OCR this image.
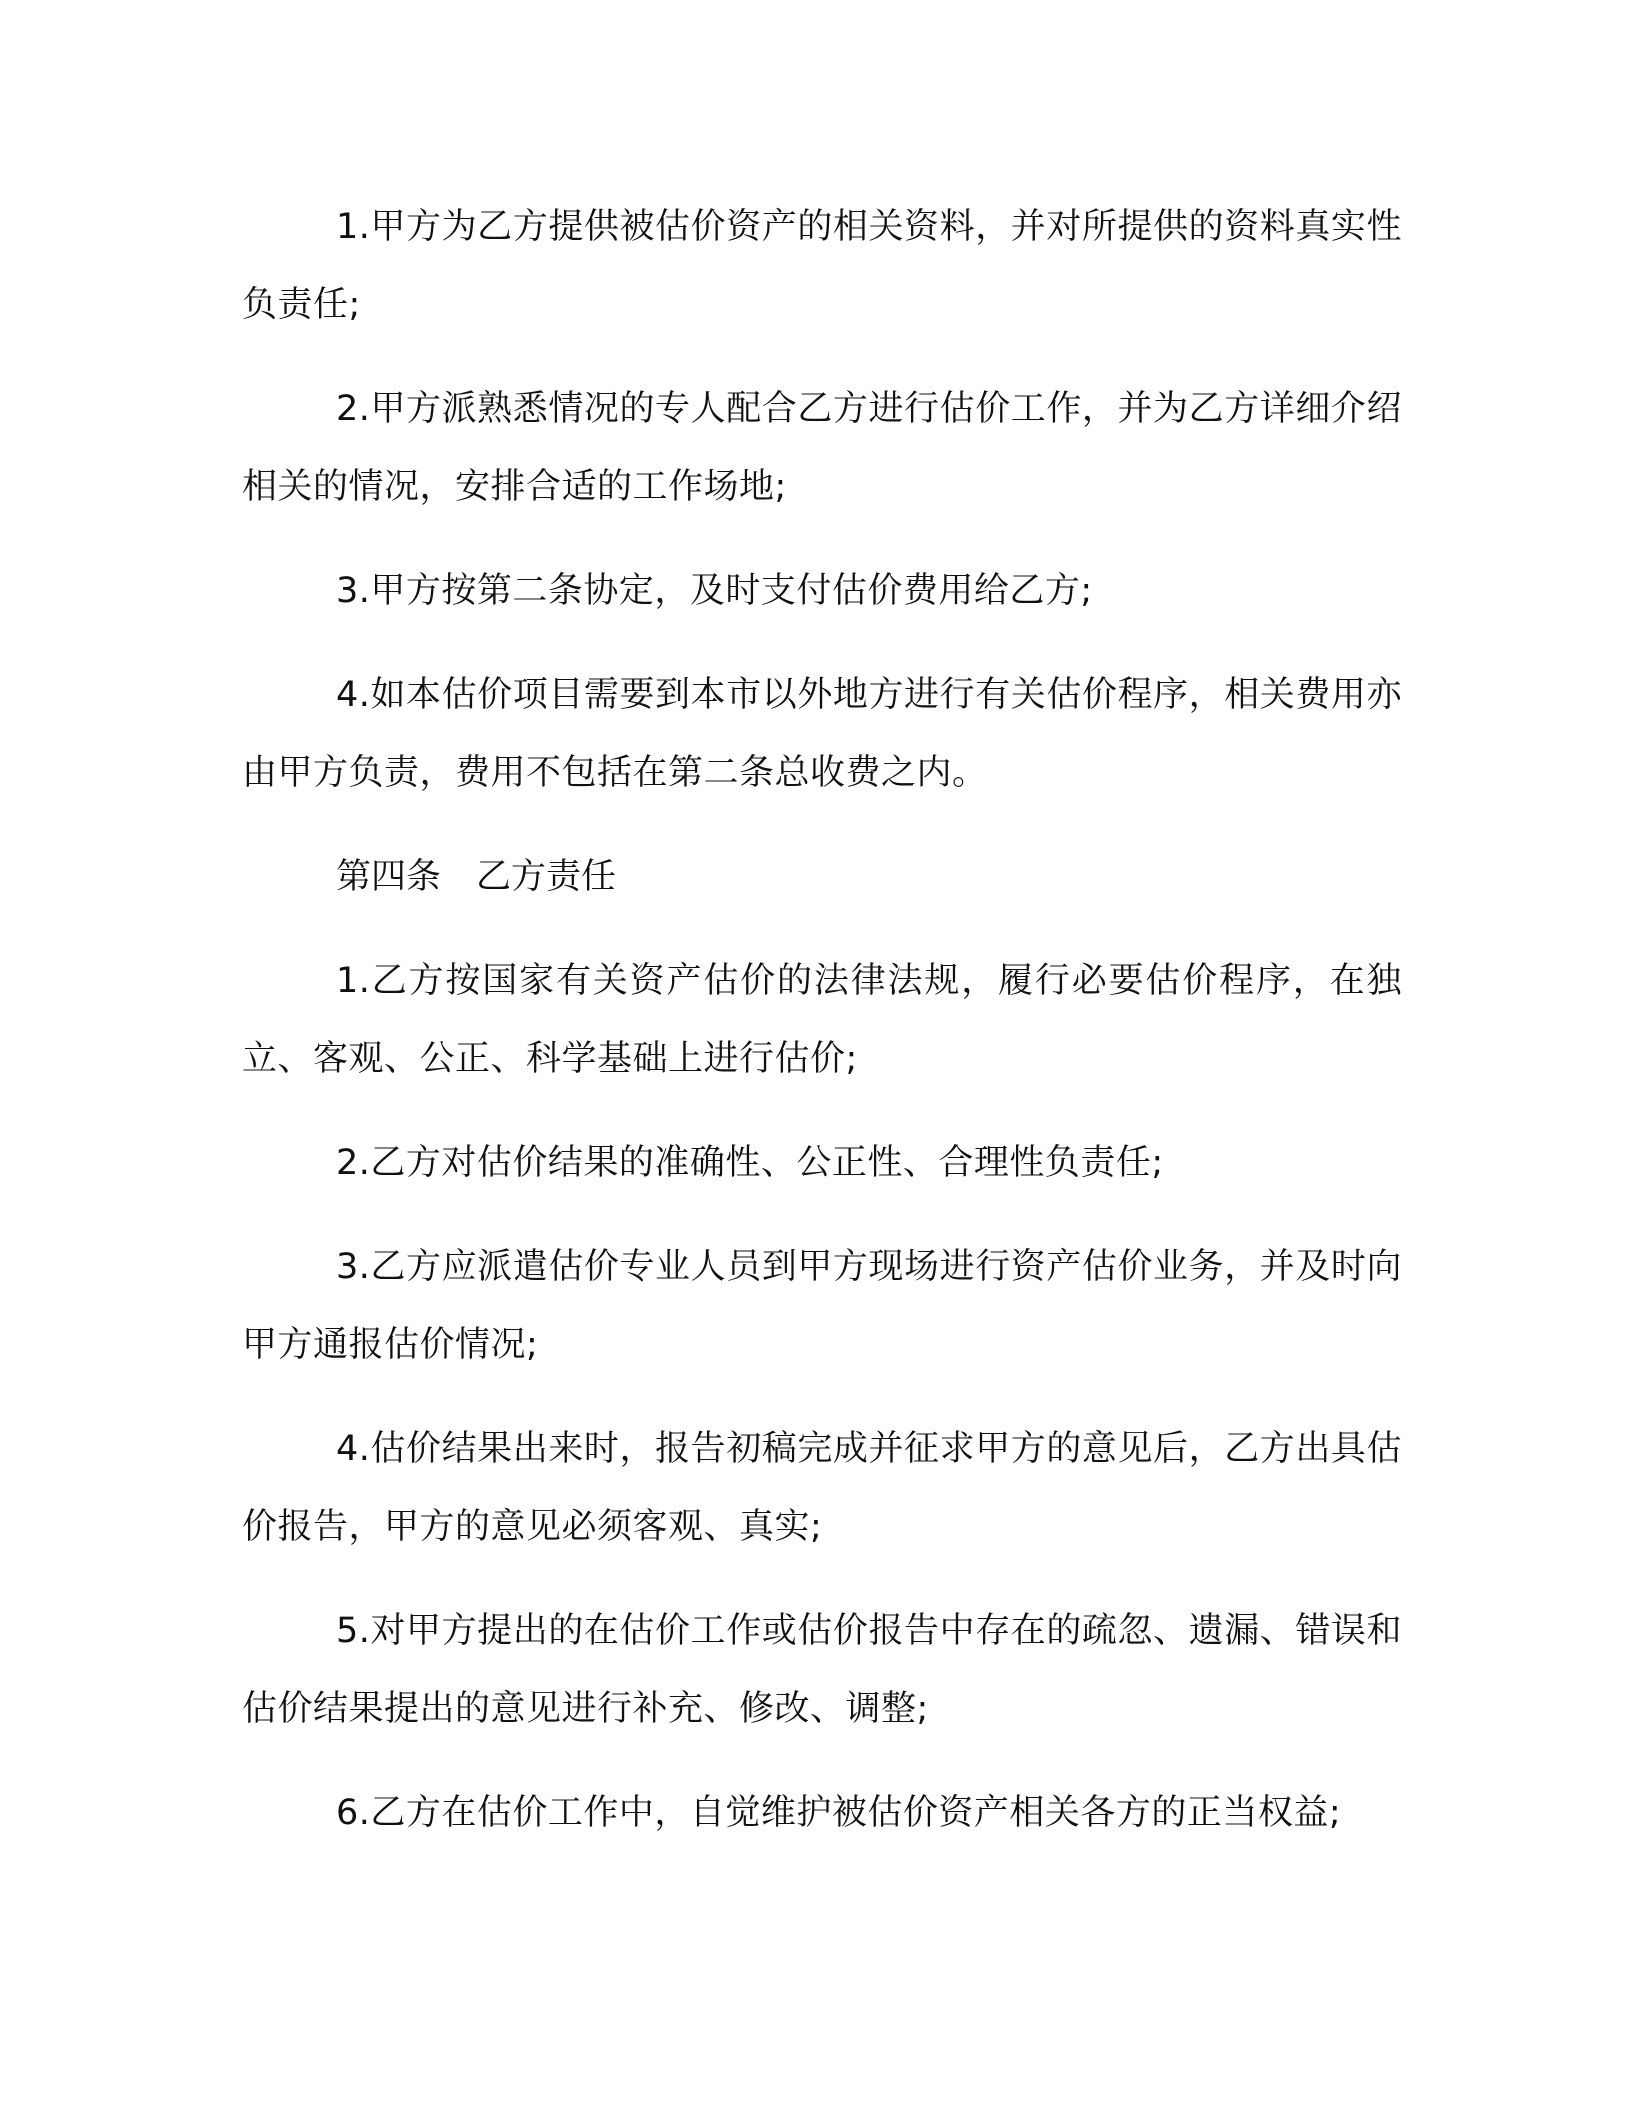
1.甲方为乙方提供被估价资产的相关资料，并对所提供的资料真实性负责任;

2.甲方派熟悉情况的专人配合乙方进行估价工作，并为乙方详细介绍相关的情况，安排合适的工作场地;

3.甲方按第二条协定，及时支付估价费用给乙方;

4.如本估价项目需要到本市以外地方进行有关估价程序，相关费用亦由甲方负责，费用不包括在第二条总收费之内。

第四条　乙方责任

1.乙方按国家有关资产估价的法律法规，履行必要估价程序，在独立、客观、公正、科学基础上进行估价;

2.乙方对估价结果的准确性、公正性、合理性负责任;

3.乙方应派遣估价专业人员到甲方现场进行资产估价业务，并及时向甲方通报估价情况;

4.估价结果出来时，报告初稿完成并征求甲方的意见后，乙方出具估价报告，甲方的意见必须客观、真实;

5.对甲方提出的在估价工作或估价报告中存在的疏忽、遗漏、错误和估价结果提出的意见进行补充、修改、调整;

6.乙方在估价工作中，自觉维护被估价资产相关各方的正当权益;
